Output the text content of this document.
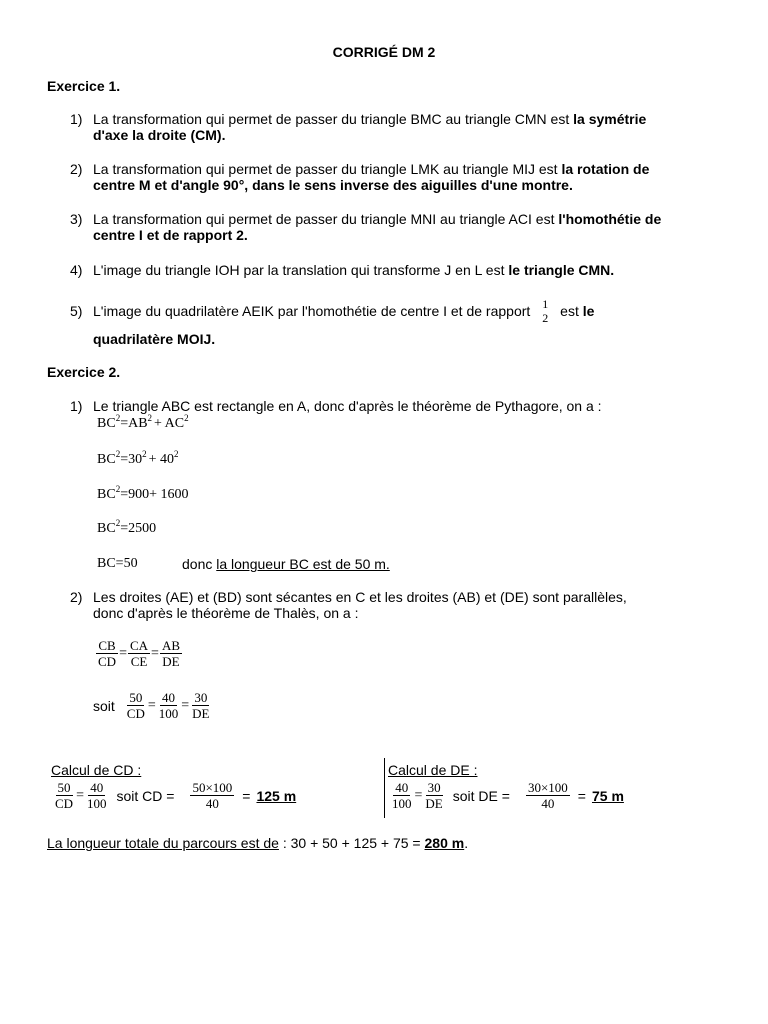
CORRIGÉ DM 2
Exercice 1.
1) La transformation qui permet de passer du triangle BMC au triangle CMN est la symétrie
d'axe la droite (CM).
2) La transformation qui permet de passer du triangle LMK au triangle MIJ est la rotation de
centre M et d'angle 90°, dans le sens inverse des aiguilles d'une montre.
3) La transformation qui permet de passer du triangle MNI au triangle ACI est l'homothétie de
centre I et de rapport 2.
4) L'image du triangle IOH par la translation qui transforme J en L est le triangle CMN.
5) L'image du quadrilatère AEIK par l'homothétie de centre I et de rapport 1
2 est le
quadrilatère MOIJ.
Exercice 2.
1) Le triangle ABC est rectangle en A, donc d'après le théorème de Pythagore, on a :
$BC^2=AB^2 + AC^2$
$BC^2=30^2 + 40^2$
$BC^2=900+ 1600$
$BC^2=2500$
BC=50	donc la longueur BC est de 50 m.
2) Les droites (AE) et (BD) sont sécantes en C et les droites (AB) et (DE) sont parallèles,
donc d'après le théorème de Thalès, on a :
$\frac{CB}{CD} = \frac{CA}{CE} = \frac{AB}{DE}$
soit $\frac{50}{CD} = \frac{40}{100} = \frac{30}{DE}$
Calcul de CD :
$\frac{50}{CD} = \frac{40}{100}$ soit CD = $\frac{50\times 100}{40} = 125$ m
Calcul de DE :
$\frac{40}{100} = \frac{30}{DE}$ soit DE = $\frac{30\times 100}{40} = 75$ m
La longueur totale du parcours est de : 30 + 50 + 125 + 75 = 280 m.
